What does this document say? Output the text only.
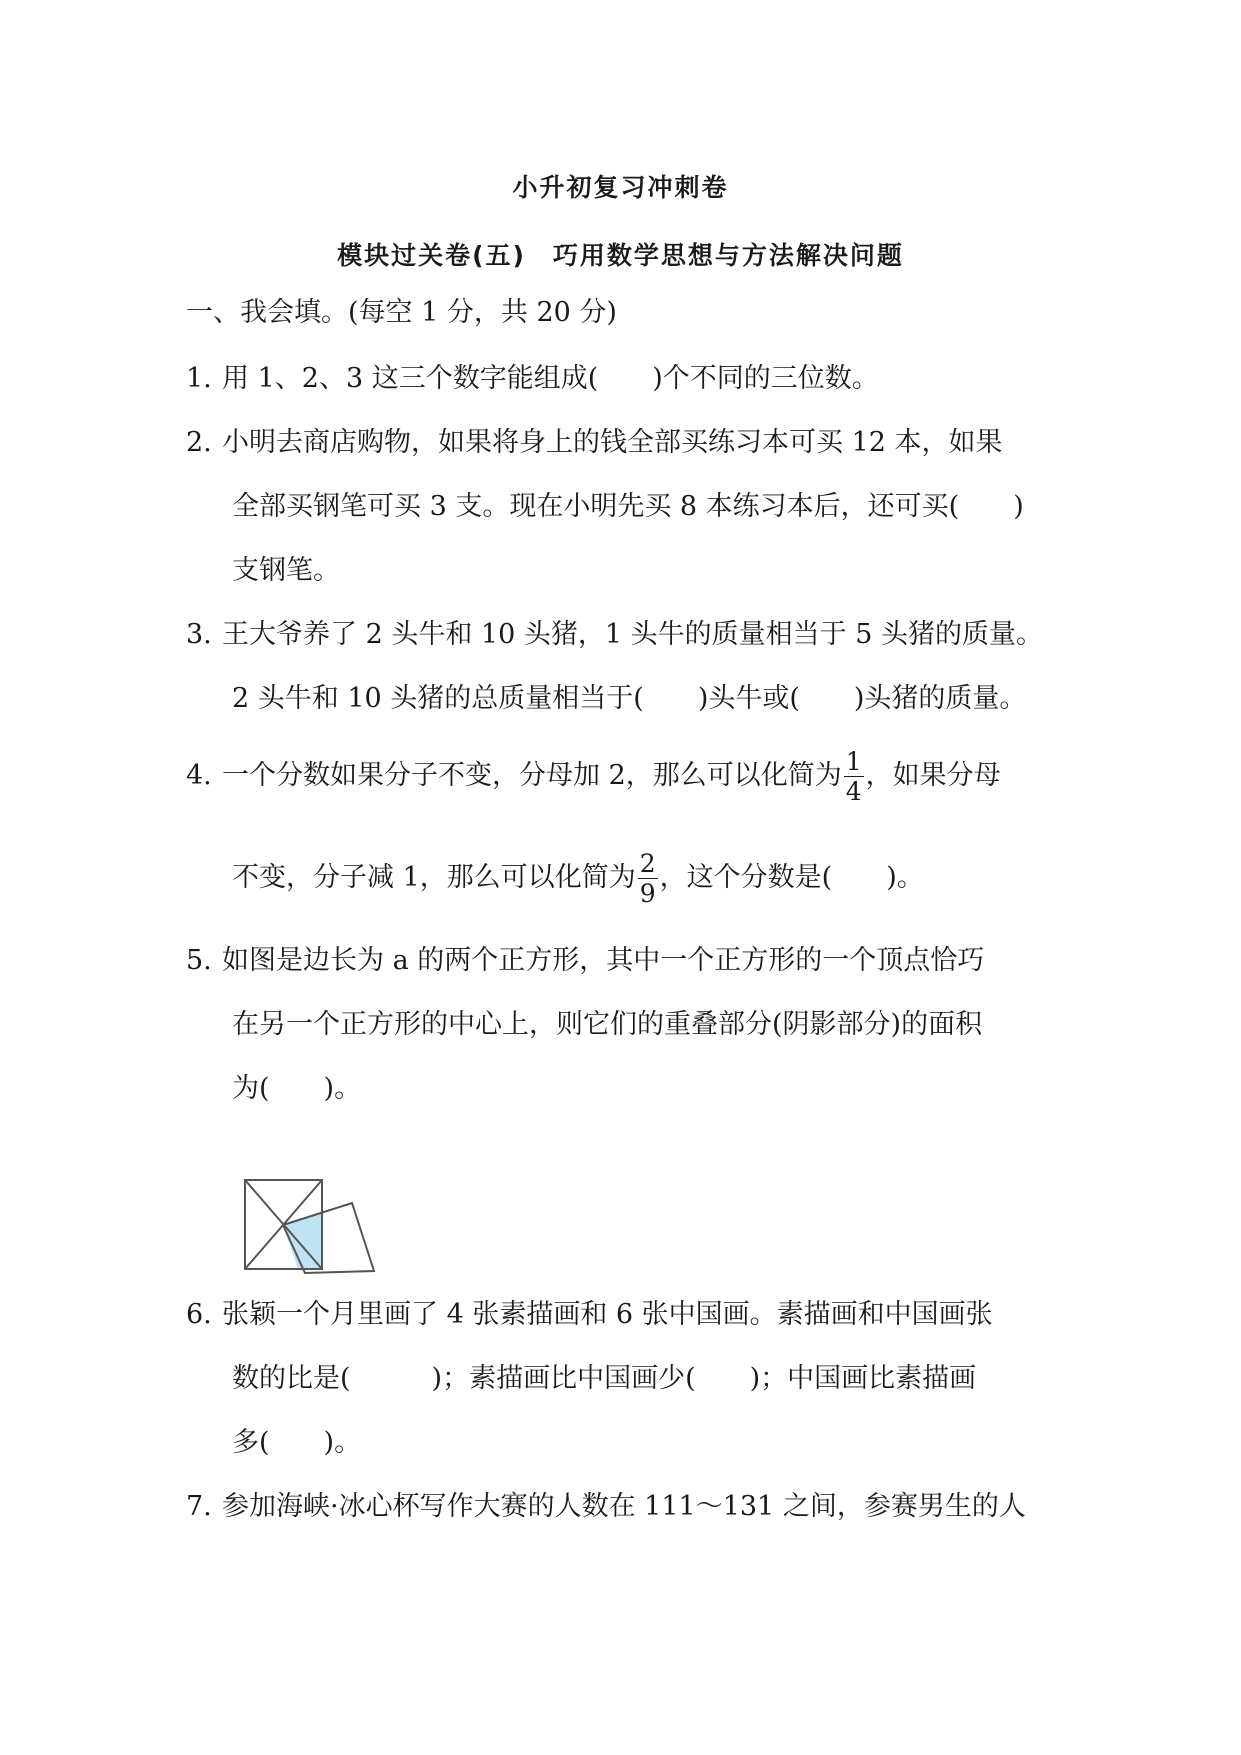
小升初复习冲刺卷
模块过关卷(五)　巧用数学思想与方法解决问题
一、我会填。(每空 1 分，共 20 分)
1. 用 1、2、3 这三个数字能组成(　　)个不同的三位数。
2. 小明去商店购物，如果将身上的钱全部买练习本可买 12 本，如果
全部买钢笔可买 3 支。现在小明先买 8 本练习本后，还可买(　　)
支钢笔。
3. 王大爷养了 2 头牛和 10 头猪，1 头牛的质量相当于 5 头猪的质量。
2 头牛和 10 头猪的总质量相当于(　　)头牛或(　　)头猪的质量。
4. 一个分数如果分子不变，分母加 2，那么可以化简为 $\frac{1}{4}$ ，如果分母
不变，分子减 1，那么可以化简为 $\frac{2}{9}$ ，这个分数是(　　)。
5. 如图是边长为 a 的两个正方形，其中一个正方形的一个顶点恰巧
在另一个正方形的中心上，则它们的重叠部分(阴影部分)的面积
为(　　)。
6. 张颖一个月里画了 4 张素描画和 6 张中国画。素描画和中国画张
数的比是(　　　)；素描画比中国画少(　　)；中国画比素描画
多(　　)。
7. 参加海峡·冰心杯写作大赛的人数在 111～131 之间，参赛男生的人
